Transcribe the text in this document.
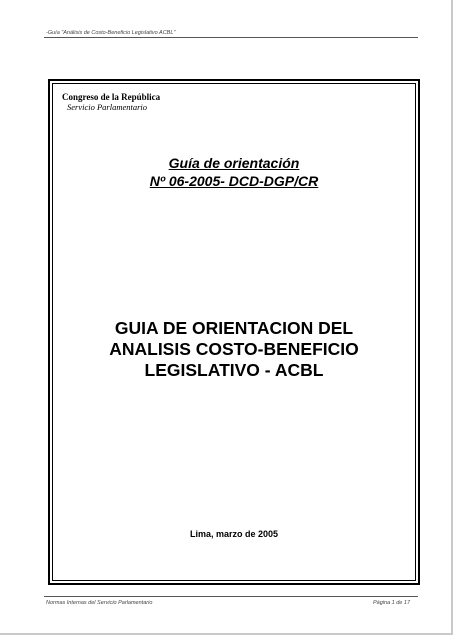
-Guía "Análisis de Costo-Beneficio Legislativo ACBL"
Congreso de la República
Servicio Parlamentario
Guía de orientación
Nº 06-2005- DCD-DGP/CR
GUIA DE ORIENTACION DEL
ANALISIS COSTO-BENEFICIO
LEGISLATIVO - ACBL
Lima, marzo de 2005
Normas Internas del Servicio Parlamentario	Página 1 de 17
